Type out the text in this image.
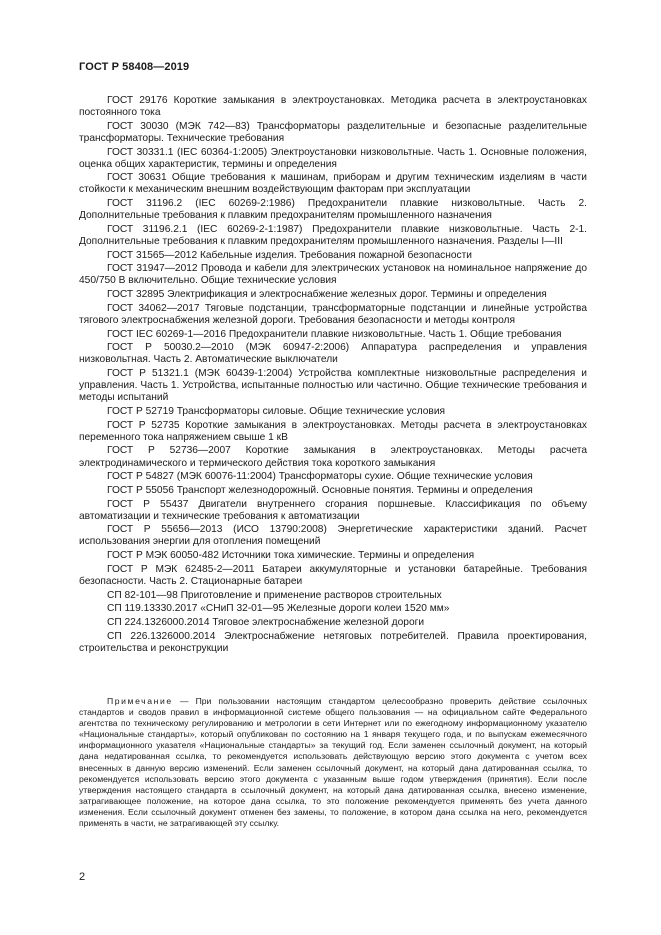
ГОСТ Р 58408—2019

ГОСТ 29176 Короткие замыкания в электроустановках. Методика расчета в электроустановках постоянного тока

ГОСТ 30030 (МЭК 742—83) Трансформаторы разделительные и безопасные разделительные трансформаторы. Технические требования

ГОСТ 30331.1 (IEC 60364-1:2005) Электроустановки низковольтные. Часть 1. Основные положения, оценка общих характеристик, термины и определения

ГОСТ 30631 Общие требования к машинам, приборам и другим техническим изделиям в части стойкости к механическим внешним воздействующим факторам при эксплуатации

ГОСТ 31196.2 (IEC 60269-2:1986) Предохранители плавкие низковольтные. Часть 2. Дополнительные требования к плавким предохранителям промышленного назначения

ГОСТ 31196.2.1 (IEC 60269-2-1:1987) Предохранители плавкие низковольтные. Часть 2-1. Дополнительные требования к плавким предохранителям промышленного назначения. Разделы I—III

ГОСТ 31565—2012 Кабельные изделия. Требования пожарной безопасности

ГОСТ 31947—2012 Провода и кабели для электрических установок на номинальное напряжение до 450/750 В включительно. Общие технические условия

ГОСТ 32895 Электрификация и электроснабжение железных дорог. Термины и определения

ГОСТ 34062—2017 Тяговые подстанции, трансформаторные подстанции и линейные устройства тягового электроснабжения железной дороги. Требования безопасности и методы контроля

ГОСТ IEC 60269-1—2016 Предохранители плавкие низковольтные. Часть 1. Общие требования

ГОСТ Р 50030.2—2010 (МЭК 60947-2:2006) Аппаратура распределения и управления низковольтная. Часть 2. Автоматические выключатели

ГОСТ Р 51321.1 (МЭК 60439-1:2004) Устройства комплектные низковольтные распределения и управления. Часть 1. Устройства, испытанные полностью или частично. Общие технические требования и методы испытаний

ГОСТ Р 52719 Трансформаторы силовые. Общие технические условия

ГОСТ Р 52735 Короткие замыкания в электроустановках. Методы расчета в электроустановках переменного тока напряжением свыше 1 кВ

ГОСТ Р 52736—2007 Короткие замыкания в электроустановках. Методы расчета электродинамического и термического действия тока короткого замыкания

ГОСТ Р 54827 (МЭК 60076-11:2004) Трансформаторы сухие. Общие технические условия

ГОСТ Р 55056 Транспорт железнодорожный. Основные понятия. Термины и определения

ГОСТ Р 55437 Двигатели внутреннего сгорания поршневые. Классификация по объему автоматизации и технические требования к автоматизации

ГОСТ Р 55656—2013 (ИСО 13790:2008) Энергетические характеристики зданий. Расчет использования энергии для отопления помещений

ГОСТ Р МЭК 60050-482 Источники тока химические. Термины и определения

ГОСТ Р МЭК 62485-2—2011 Батареи аккумуляторные и установки батарейные. Требования безопасности. Часть 2. Стационарные батареи

СП 82-101—98 Приготовление и применение растворов строительных

СП 119.13330.2017 «СНиП 32-01—95 Железные дороги колеи 1520 мм»

СП 224.1326000.2014 Тяговое электроснабжение железной дороги

СП 226.1326000.2014 Электроснабжение нетяговых потребителей. Правила проектирования, строительства и реконструкции

Примечание — При пользовании настоящим стандартом целесообразно проверить действие ссылочных стандартов и сводов правил в информационной системе общего пользования — на официальном сайте Федерального агентства по техническому регулированию и метрологии в сети Интернет или по ежегодному информационному указателю «Национальные стандарты», который опубликован по состоянию на 1 января текущего года, и по выпускам ежемесячного информационного указателя «Национальные стандарты» за текущий год. Если заменен ссылочный документ, на который дана недатированная ссылка, то рекомендуется использовать действующую версию этого документа с учетом всех внесенных в данную версию изменений. Если заменен ссылочный документ, на который дана датированная ссылка, то рекомендуется использовать версию этого документа с указанным выше годом утверждения (принятия). Если после утверждения настоящего стандарта в ссылочный документ, на который дана датированная ссылка, внесено изменение, затрагивающее положение, на которое дана ссылка, то это положение рекомендуется применять без учета данного изменения. Если ссылочный документ отменен без замены, то положение, в котором дана ссылка на него, рекомендуется применять в части, не затрагивающей эту ссылку.

2
